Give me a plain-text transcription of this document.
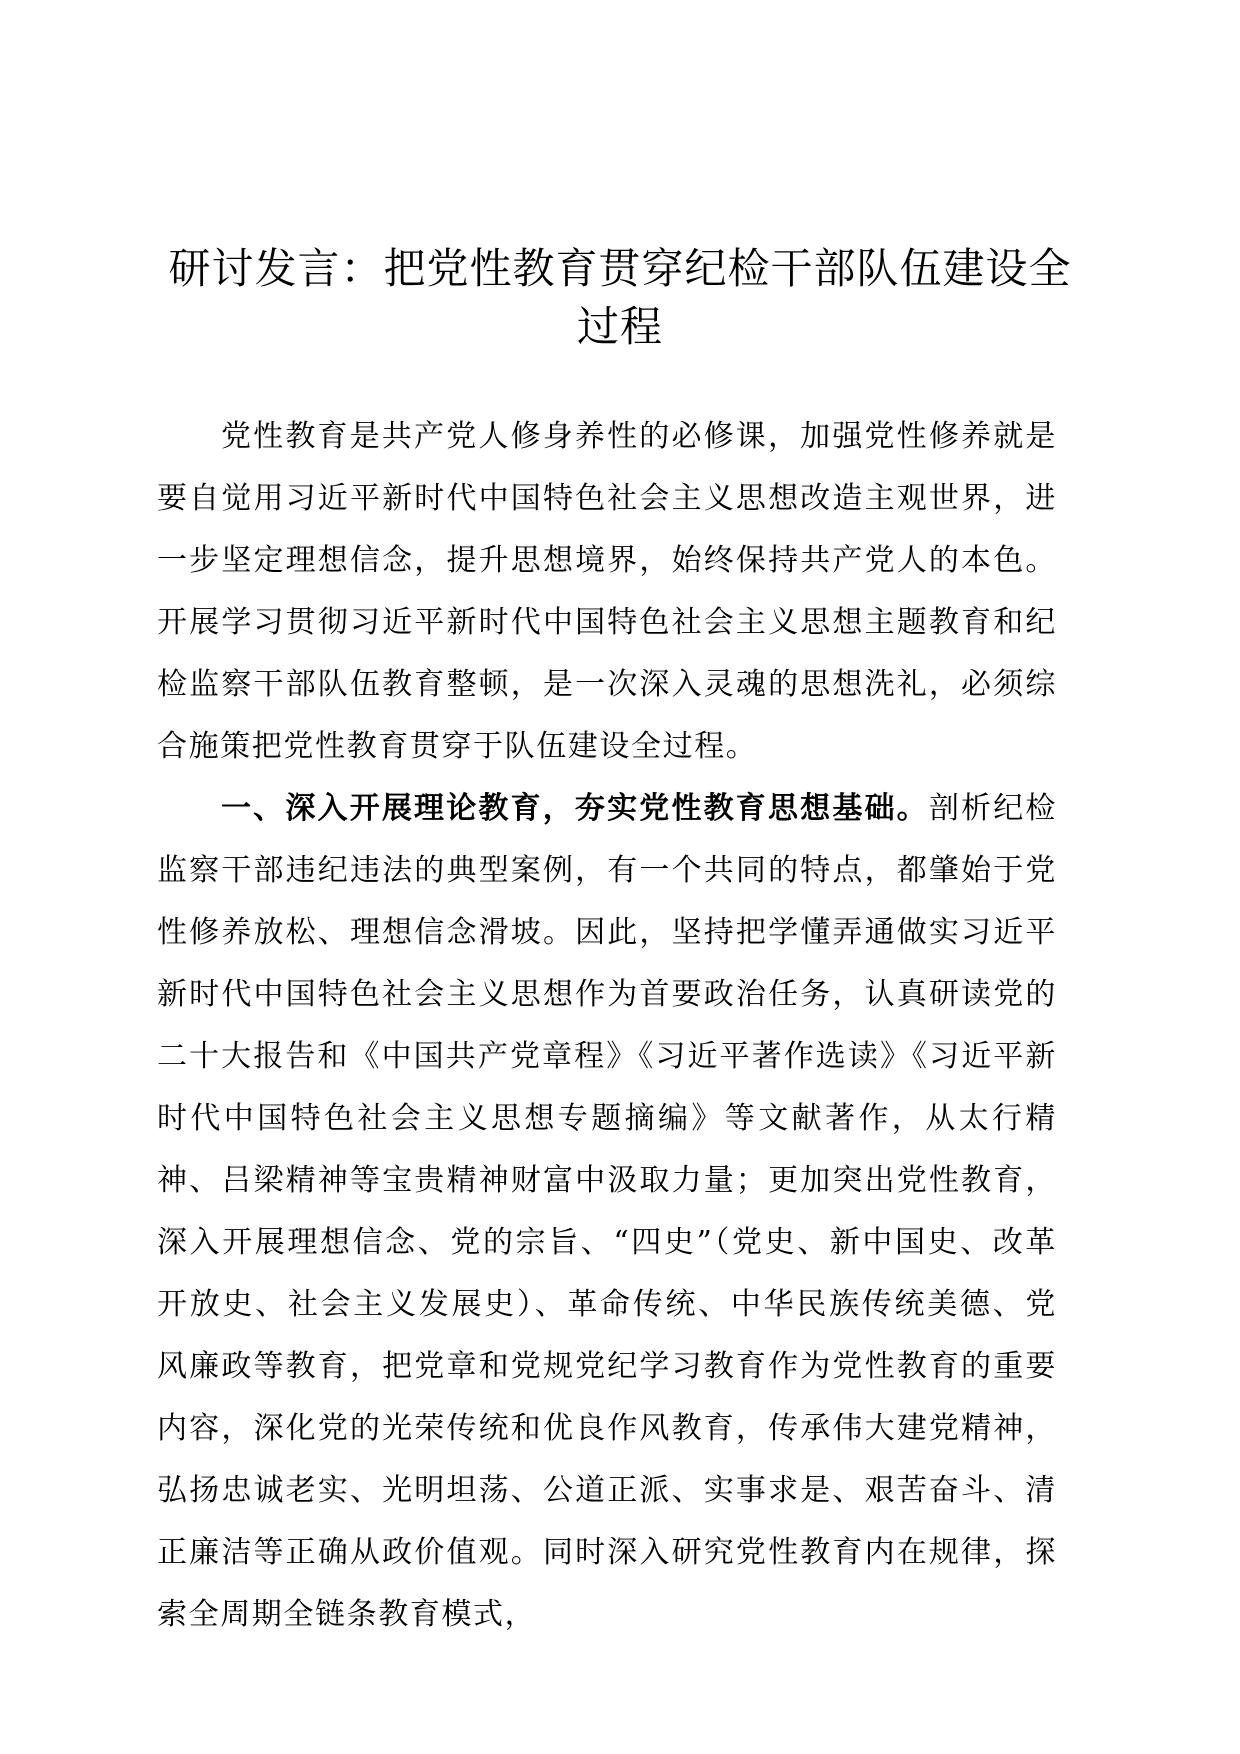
研讨发言：把党性教育贯穿纪检干部队伍建设全过程

党性教育是共产党人修身养性的必修课，加强党性修养就是要自觉用习近平新时代中国特色社会主义思想改造主观世界，进一步坚定理想信念，提升思想境界，始终保持共产党人的本色。开展学习贯彻习近平新时代中国特色社会主义思想主题教育和纪检监察干部队伍教育整顿，是一次深入灵魂的思想洗礼，必须综合施策把党性教育贯穿于队伍建设全过程。

一、深入开展理论教育，夯实党性教育思想基础。剖析纪检监察干部违纪违法的典型案例，有一个共同的特点，都肇始于党性修养放松、理想信念滑坡。因此，坚持把学懂弄通做实习近平新时代中国特色社会主义思想作为首要政治任务，认真研读党的二十大报告和《中国共产党章程》《习近平著作选读》《习近平新时代中国特色社会主义思想专题摘编》等文献著作，从太行精神、吕梁精神等宝贵精神财富中汲取力量；更加突出党性教育，深入开展理想信念、党的宗旨、“四史”（党史、新中国史、改革开放史、社会主义发展史）、革命传统、中华民族传统美德、党风廉政等教育，把党章和党规党纪学习教育作为党性教育的重要内容，深化党的光荣传统和优良作风教育，传承伟大建党精神，弘扬忠诚老实、光明坦荡、公道正派、实事求是、艰苦奋斗、清正廉洁等正确从政价值观。同时深入研究党性教育内在规律，探索全周期全链条教育模式，
